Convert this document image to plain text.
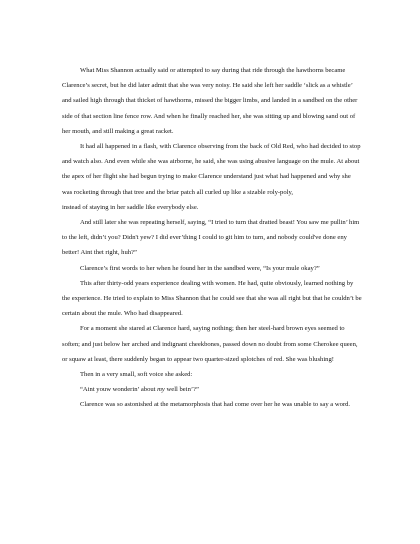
What Miss Shannon actually said or attempted to say during that ride through the hawthorns became Clarence’s secret, but he did later admit that she was very noisy. He said she left her saddle ‘slick as a whistle’ and sailed high through that thicket of hawthorns, missed the bigger limbs, and landed in a sandbed on the other side of that section line fence row. And when he finally reached her, she was sitting up and blowing sand out of her mouth, and still making a great racket.

It had all happened in a flash, with Clarence observing from the back of Old Red, who had decided to stop and watch also. And even while she was airborne, he said, she was using abusive language on the mule. At about the apex of her flight she had begun trying to make Clarence understand just what had happened and why she was rocketing through that tree and the briar patch all curled up like a sizable roly-poly,

instead of staying in her saddle like everybody else.

And still later she was repeating herself, saying, “I tried to turn that dratted beast! You saw me pullin’ him to the left, didn’t you? Didn't yew? I did ever’thing I could to git him to turn, and nobody could've done eny better! Aint thet right, huh?”

Clarence’s first words to her when he found her in the sandbed were, “Is your mule okay?”

This after thirty-odd years experience dealing with women. He had, quite obviously, learned nothing by the experience. He tried to explain to Miss Shannon that he could see that she was all right but that he couldn’t be certain about the mule. Who had disappeared.

For a moment she stared at Clarence hard, saying nothing; then her steel-hard brown eyes seemed to soften; and just below her arched and indignant cheekbones, passed down no doubt from some Cherokee queen, or squaw at least, there suddenly began to appear two quarter-sized splotches of red. She was blushing!

Then in a very small, soft voice she asked:

“Aint youw wonderin’ about my well bein’?”

Clarence was so astonished at the metamorphosis that had come over her he was unable to say a word.
